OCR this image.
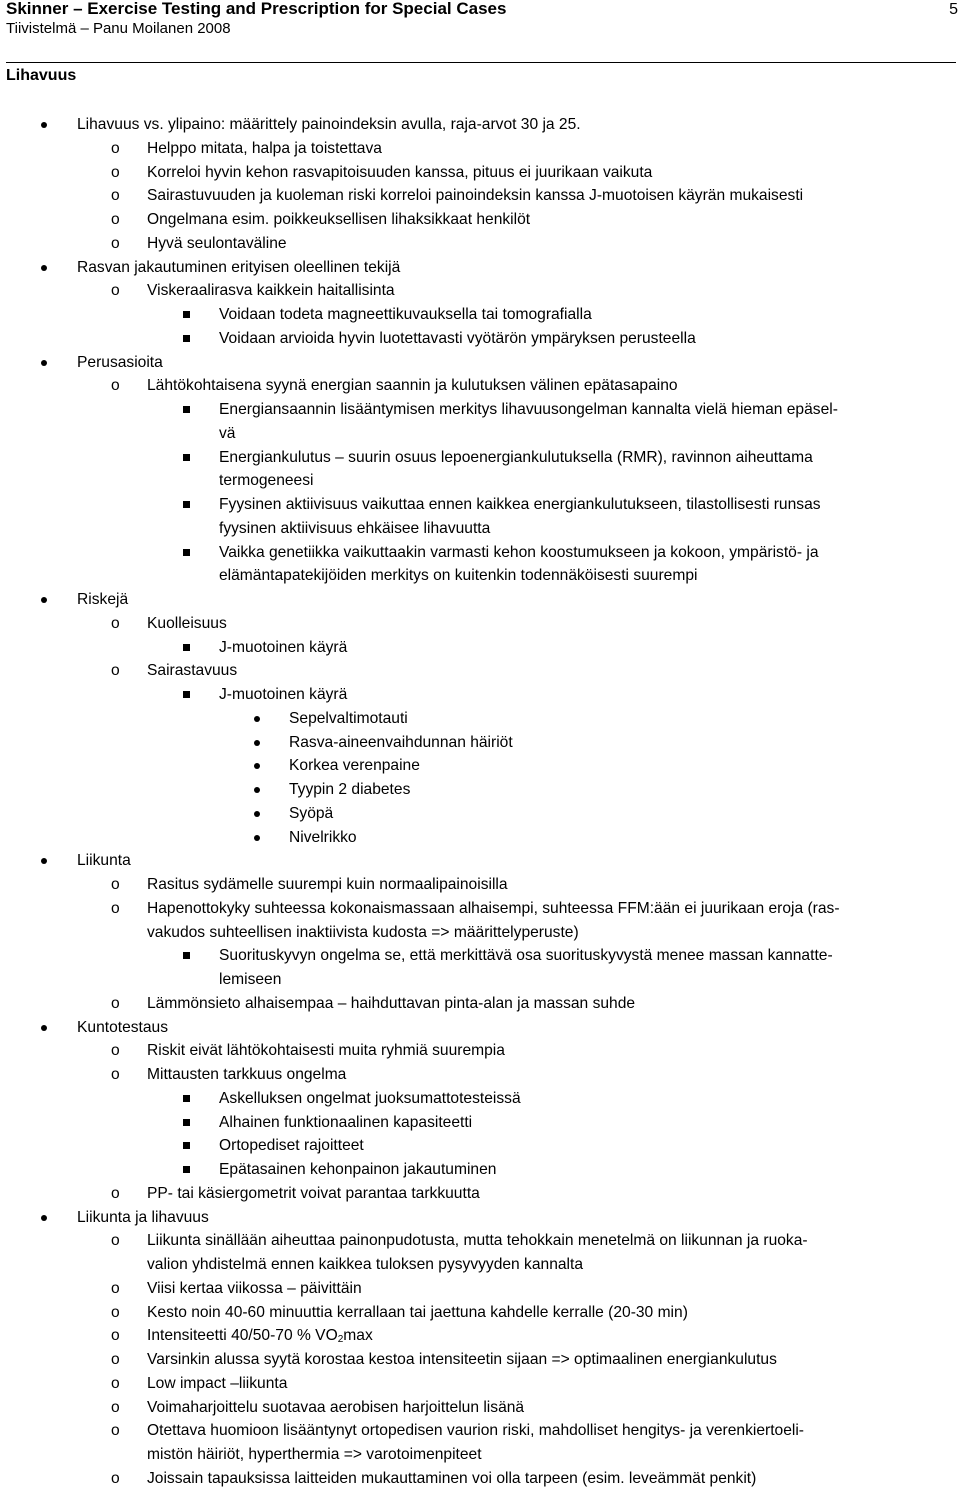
Skinner – Exercise Testing and Prescription for Special Cases

Tiivistelmä – Panu Moilanen 2008

5
Lihavuus
Lihavuus vs. ylipaino: määrittely painoindeksin avulla, raja-arvot 30 ja 25.
o Helppo mitata, halpa ja toistettava
o Korreloi hyvin kehon rasvapitoisuuden kanssa, pituus ei juurikaan vaikuta
o Sairastuvuuden ja kuoleman riski korreloi painoindeksin kanssa J-muotoisen käyrän mukaisesti
o Ongelmana esim. poikkeuksellisen lihaksikkaat henkilöt
o Hyvä seulontaväline
Rasvan jakautuminen erityisen oleellinen tekijä
o Viskeraalirasva kaikkein haitallisinta
Voidaan todeta magneettikuvauksella tai tomografialla
Voidaan arvioida hyvin luotettavasti vyötärön ympäryksen perusteella
Perusasioita
o Lähtökohtaisena syynä energian saannin ja kulutuksen välinen epätasapaino
Energiansaannin lisääntymisen merkitys lihavuusongelman kannalta vielä hieman epäsel-
vä
Energiankulutus – suurin osuus lepoenergiankulutuksella (RMR), ravinnon aiheuttama
termogeneesi
Fyysinen aktiivisuus vaikuttaa ennen kaikkea energiankulutukseen, tilastollisesti runsas
fyysinen aktiivisuus ehkäisee lihavuutta
Vaikka genetiikka vaikuttaakin varmasti kehon koostumukseen ja kokoon, ympäristö- ja
elämäntapatekijöiden merkitys on kuitenkin todennäköisesti suurempi
Riskejä
o Kuolleisuus
J-muotoinen käyrä
o Sairastavuus
J-muotoinen käyrä
Sepelvaltimotauti
Rasva-aineenvaihdunnan häiriöt
Korkea verenpaine
Tyypin 2 diabetes
Syöpä
Nivelrikko
Liikunta
o Rasitus sydämelle suurempi kuin normaalipainoisilla
o Hapenottokyky suhteessa kokonaismassaan alhaisempi, suhteessa FFM:ään ei juurikaan eroja (ras-
vakudos suhteellisen inaktiivista kudosta => määrittelyperuste)
Suorituskyvyn ongelma se, että merkittävä osa suorituskyvystä menee massan kannatte-
lemiseen
o Lämmönsieto alhaisempaa – haihduttavan pinta-alan ja massan suhde
Kuntotestaus
o Riskit eivät lähtökohtaisesti muita ryhmiä suurempia
o Mittausten tarkkuus ongelma
Askelluksen ongelmat juoksumattotesteissä
Alhainen funktionaalinen kapasiteetti
Ortopediset rajoitteet
Epätasainen kehonpainon jakautuminen
o PP- tai käsiergometrit voivat parantaa tarkkuutta
Liikunta ja lihavuus
o Liikunta sinällään aiheuttaa painonpudotusta, mutta tehokkain menetelmä on liikunnan ja ruoka-
valion yhdistelmä ennen kaikkea tuloksen pysyvyyden kannalta
o Viisi kertaa viikossa – päivittäin
o Kesto noin 40-60 minuuttia kerrallaan tai jaettuna kahdelle kerralle (20-30 min)
o Intensiteetti 40/50-70 % $VO_2\max$
o Varsinkin alussa syytä korostaa kestoa intensiteetin sijaan => optimaalinen energiankulutus
o Low impact –liikunta
o Voimaharjoittelu suotavaa aerobisen harjoittelun lisänä
o Otettava huomioon lisääntynyt ortopedisen vaurion riski, mahdolliset hengitys- ja verenkiertoeli-
mistön häiriöt, hyperthermia => varotoimenpiteet
o Joissain tapauksissa laitteiden mukauttaminen voi olla tarpeen (esim. leveämmät penkit)
